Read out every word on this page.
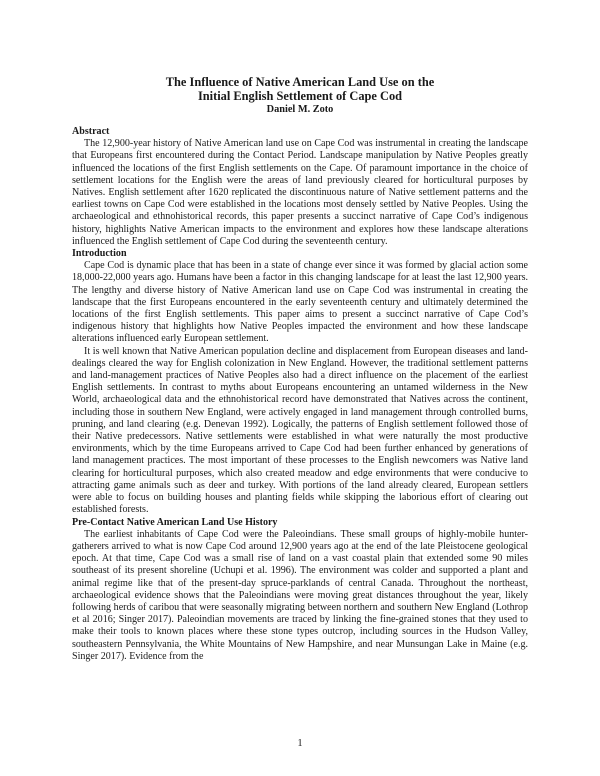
The Influence of Native American Land Use on the
Initial English Settlement of Cape Cod
Daniel M. Zoto
Abstract

The 12,900-year history of Native American land use on Cape Cod was instrumental in creating the landscape that Europeans first encountered during the Contact Period. Landscape manipulation by Native Peoples greatly influenced the locations of the first English settlements on the Cape. Of paramount importance in the choice of settlement locations for the English were the areas of land previously cleared for horticultural purposes by Natives. English settlement after 1620 replicated the discontinuous nature of Native settlement patterns and the earliest towns on Cape Cod were established in the locations most densely settled by Native Peoples. Using the archaeological and ethnohistorical records, this paper presents a succinct narrative of Cape Cod’s indigenous history, highlights Native American impacts to the environment and explores how these landscape alterations influenced the English settlement of Cape Cod during the seventeenth century.

Introduction

Cape Cod is dynamic place that has been in a state of change ever since it was formed by glacial action some 18,000-22,000 years ago. Humans have been a factor in this changing landscape for at least the last 12,900 years. The lengthy and diverse history of Native American land use on Cape Cod was instrumental in creating the landscape that the first Europeans encountered in the early seventeenth century and ultimately determined the locations of the first English settlements. This paper aims to present a succinct narrative of Cape Cod’s indigenous history that highlights how Native Peoples impacted the environment and how these landscape alterations influenced early European settlement.

It is well known that Native American population decline and displacement from European diseases and land-dealings cleared the way for English colonization in New England. However, the traditional settlement patterns and land-management practices of Native Peoples also had a direct influence on the placement of the earliest English settlements. In contrast to myths about Europeans encountering an untamed wilderness in the New World, archaeological data and the ethnohistorical record have demonstrated that Natives across the continent, including those in southern New England, were actively engaged in land management through controlled burns, pruning, and land clearing (e.g. Denevan 1992). Logically, the patterns of English settlement followed those of their Native predecessors. Native settlements were established in what were naturally the most productive environments, which by the time Europeans arrived to Cape Cod had been further enhanced by generations of land management practices. The most important of these processes to the English newcomers was Native land clearing for horticultural purposes, which also created meadow and edge environments that were conducive to attracting game animals such as deer and turkey. With portions of the land already cleared, European settlers were able to focus on building houses and planting fields while skipping the laborious effort of clearing out established forests.

Pre-Contact Native American Land Use History

The earliest inhabitants of Cape Cod were the Paleoindians. These small groups of highly-mobile hunter-gatherers arrived to what is now Cape Cod around 12,900 years ago at the end of the late Pleistocene geological epoch. At that time, Cape Cod was a small rise of land on a vast coastal plain that extended some 90 miles southeast of its present shoreline (Uchupi et al. 1996). The environment was colder and supported a plant and animal regime like that of the present-day spruce-parklands of central Canada. Throughout the northeast, archaeological evidence shows that the Paleoindians were moving great distances throughout the year, likely following herds of caribou that were seasonally migrating between northern and southern New England (Lothrop et al 2016; Singer 2017). Paleoindian movements are traced by linking the fine-grained stones that they used to make their tools to known places where these stone types outcrop, including sources in the Hudson Valley, southeastern Pennsylvania, the White Mountains of New Hampshire, and near Munsungan Lake in Maine (e.g. Singer 2017). Evidence from the

1
